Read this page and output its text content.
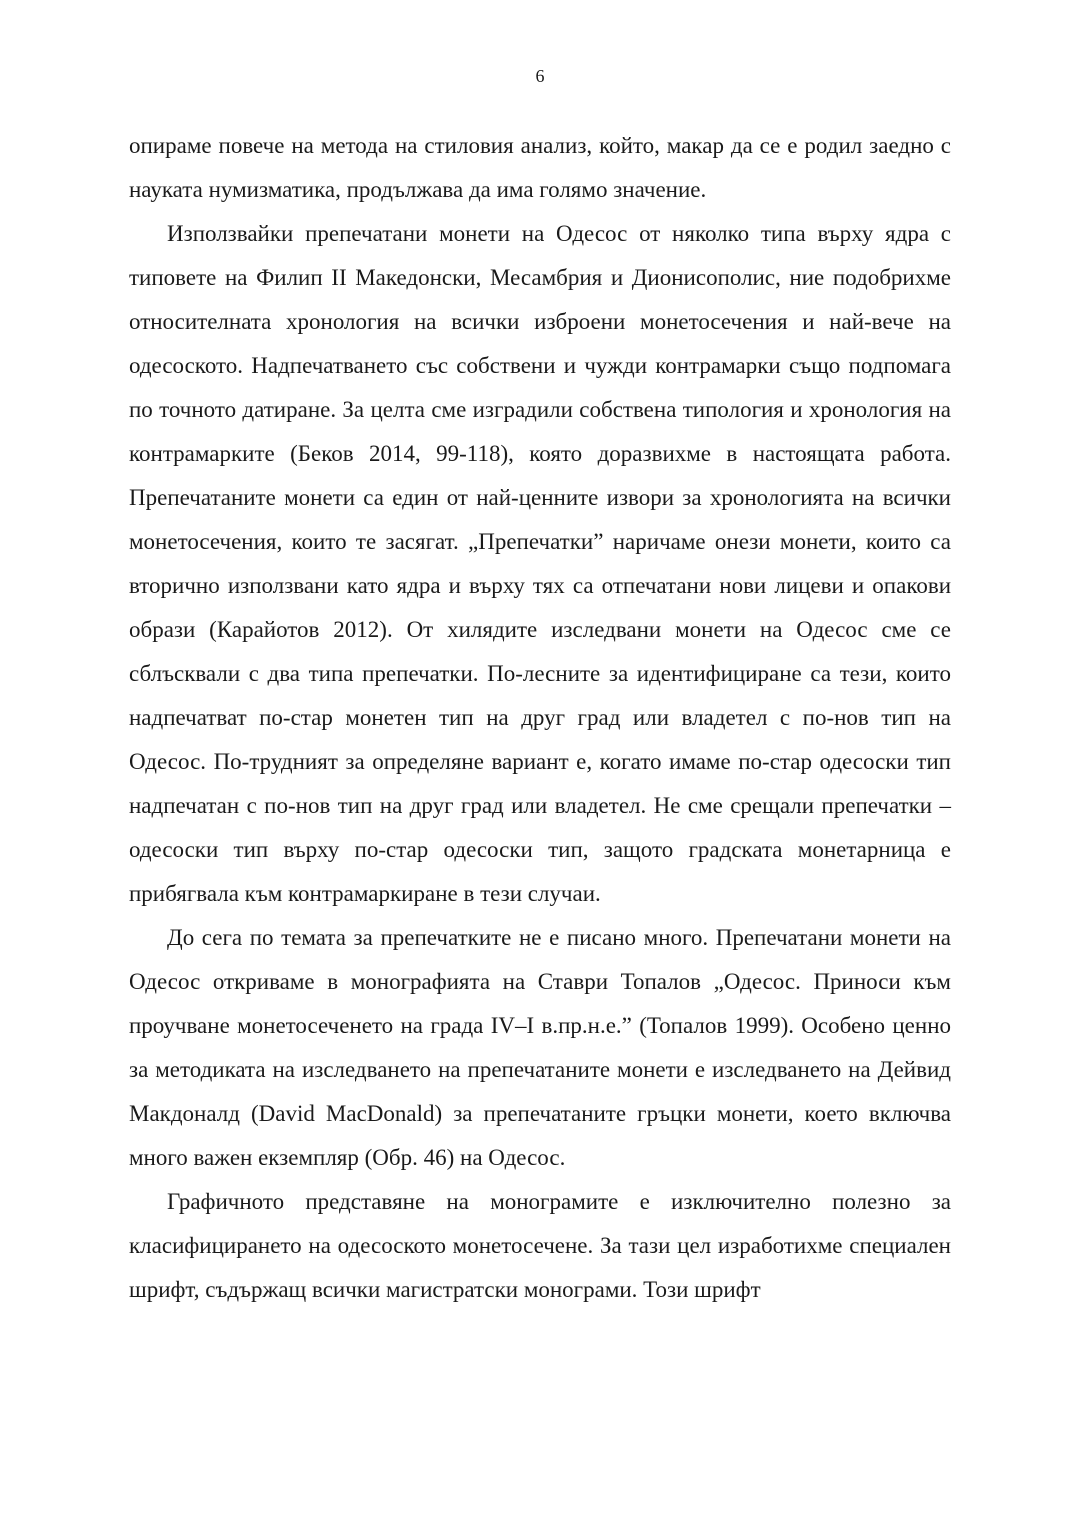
6

опираме повече на метода на стиловия анализ, който, макар да се е родил заедно с науката нумизматика, продължава да има голямо значение.

Използвайки препечатани монети на Одесос от няколко типа върху ядра с типовете на Филип II Македонски, Месамбрия и Дионисополис, ние подобрихме относителната хронология на всички изброени монетосечения и най-вече на одесоското. Надпечатването със собствени и чужди контрамарки също подпомага по точното датиране. За целта сме изградили собствена типология и хронология на контрамарките (Беков 2014, 99-118), която доразвихме в настоящата работа. Препечатаните монети са един от най-ценните извори за хронологията на всички монетосечения, които те засягат. „Препечатки” наричаме онези монети, които са вторично използвани като ядра и върху тях са отпечатани нови лицеви и опакови образи (Карайотов 2012). От хилядите изследвани монети на Одесос сме се сблъсквали с два типа препечатки. По-лесните за идентифициране са тези, които надпечатват по-стар монетен тип на друг град или владетел с по-нов тип на Одесос. По-трудният за определяне вариант е, когато имаме по-стар одесоски тип надпечатан с по-нов тип на друг град или владетел. Не сме срещали препечатки – одесоски тип върху по-стар одесоски тип, защото градската монетарница е прибягвала към контрамаркиране в тези случаи.

До сега по темата за препечатките не е писано много. Препечатани монети на Одесос откриваме в монографията на Ставри Топалов „Одесос. Приноси към проучване монетосеченето на града IV–I в.пр.н.е.” (Топалов 1999). Особено ценно за методиката на изследването на препечатаните монети е изследването на Дейвид Макдоналд (David MacDonald) за препечатаните гръцки монети, което включва много важен екземпляр (Обр. 46) на Одесос.

Графичното представяне на монограмите е изключително полезно за класифицирането на одесоското монетосечене. За тази цел изработихме специален шрифт, съдържащ всички магистратски монограми. Този шрифт
